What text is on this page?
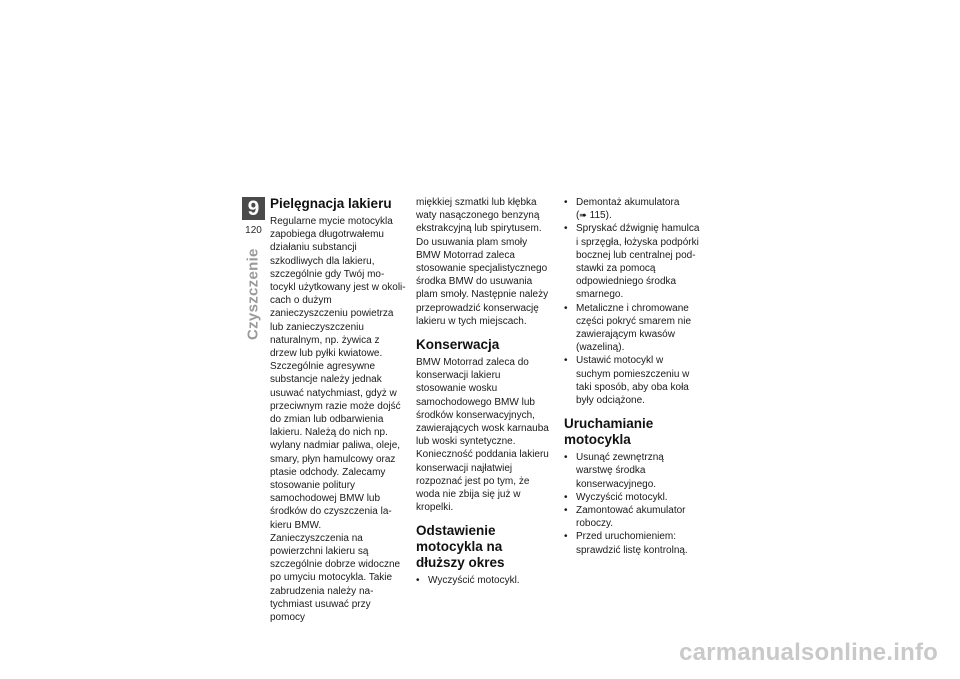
9
120
Czyszczenie
Pielęgnacja lakieru

Regularne mycie motocykla zapobiega długotrwałemu działaniu substancji szkodliwych dla lakieru, szczególnie gdy Twój motocykl użytkowany jest w okolicach o dużym zanieczyszczeniu powietrza lub zanieczyszczeniu naturalnym, np. żywica z drzew lub pyłki kwiatowe.

Szczególnie agresywne substancje należy jednak usuwać natychmiast, gdyż w przeciwnym razie może dojść do zmian lub odbarwienia lakieru. Należą do nich np. wylany nadmiar paliwa, oleje, smary, płyn hamulcowy oraz ptasie odchody. Zalecamy stosowanie politury samochodowej BMW lub środków do czyszczenia lakieru BMW.

Zanieczyszczenia na powierzchni lakieru są szczególnie dobrze widoczne po umyciu motocykla. Takie zabrudzenia należy natychmiast usuwać przy pomocy

miękkiej szmatki lub kłębka waty nasączonego benzyną ekstrakcyjną lub spirytusem. Do usuwania plam smoły BMW Motorrad zaleca stosowanie specjalistycznego środka BMW do usuwania plam smoły. Następnie należy przeprowadzić konserwację lakieru w tych miejscach.

Konserwacja

BMW Motorrad zaleca do konserwacji lakieru stosowanie wosku samochodowego BMW lub środków konserwacyjnych, zawierających wosk karnauba lub woski syntetyczne.

Konieczność poddania lakieru konserwacji najłatwiej rozpoznać jest po tym, że woda nie zbija się już w kropelki.

Odstawienie motocykla na dłuższy okres
• Wyczyścić motocykl.
• Demontaż akumulatora
(➠ 115).
• Spryskać dźwignię hamulca i sprzęgła, łożyska podpórki bocznej lub centralnej podstawki za pomocą odpowiedniego środka smarnego.
• Metaliczne i chromowane części pokryć smarem nie zawierającym kwasów (wazeliną).
• Ustawić motocykl w suchym pomieszczeniu w taki sposób, aby oba koła były odciążone.
Uruchamianie motocykla
• Usunąć zewnętrzną warstwę środka konserwacyjnego.
• Wyczyścić motocykl.
• Zamontować akumulator roboczy.
• Przed uruchomieniem: sprawdzić listę kontrolną.
carmanualsonline.info
